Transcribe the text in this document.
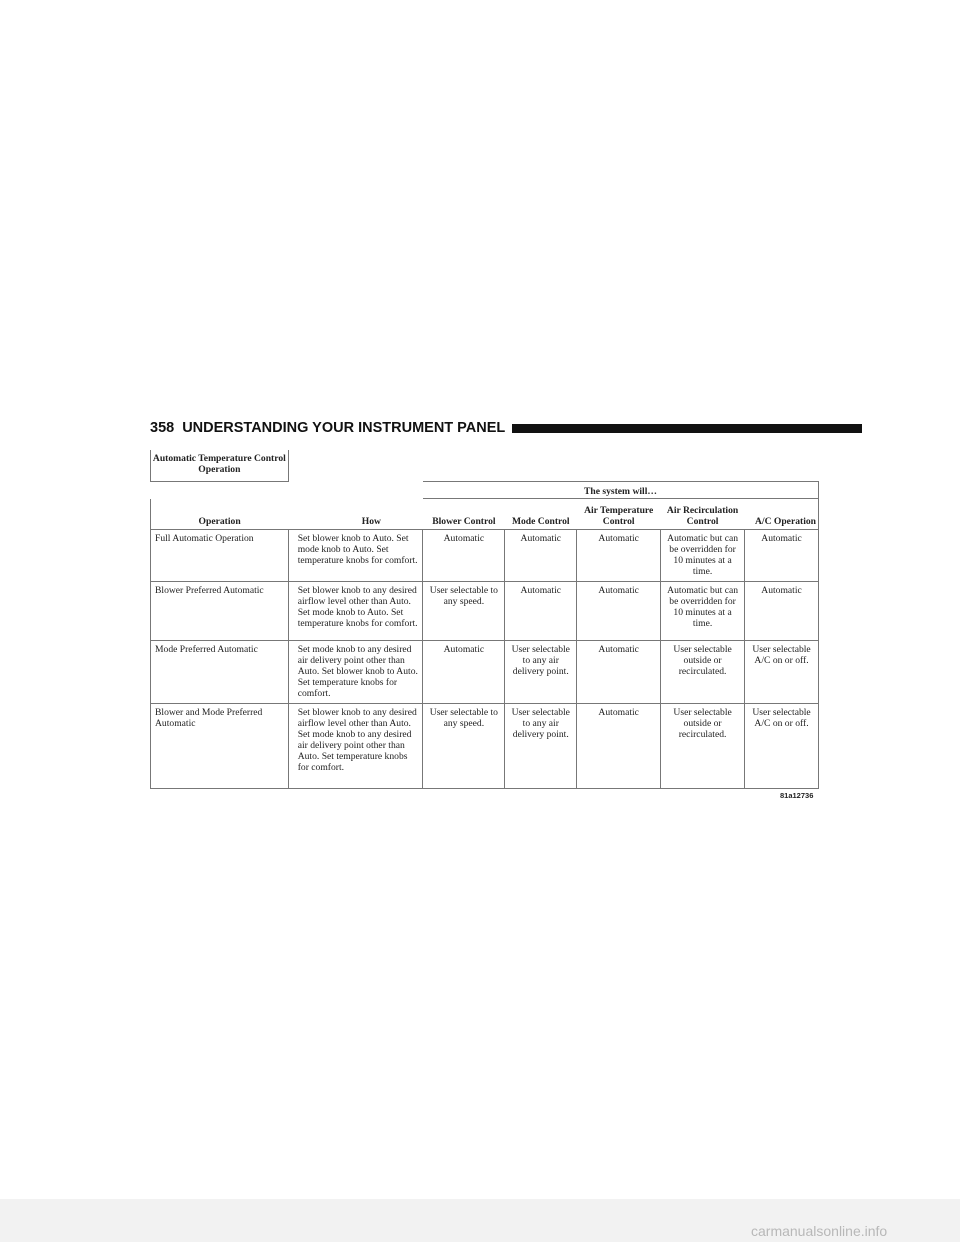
358 UNDERSTANDING YOUR INSTRUMENT PANEL
Automatic Temperature Control Operation						
		The system will…				
Operation	How	Blower Control	Mode Control	Air Temperature Control	Air Recirculation Control	A/C Operation
Full Automatic Operation	Set blower knob to Auto. Set mode knob to Auto. Set temperature knobs for comfort.	Automatic	Automatic	Automatic	Automatic but can be overridden for 10 minutes at a time.	Automatic
Blower Preferred Automatic	Set blower knob to any desired airflow level other than Auto. Set mode knob to Auto. Set temperature knobs for comfort.	User selectable to any speed.	Automatic	Automatic	Automatic but can be overridden for 10 minutes at a time.	Automatic
Mode Preferred Automatic	Set mode knob to any desired air delivery point other than Auto. Set blower knob to Auto. Set temperature knobs for comfort.	Automatic	User selectable to any air delivery point.	Automatic	User selectable outside or recirculated.	User selectable A/C on or off.
Blower and Mode Preferred Automatic	Set blower knob to any desired airflow level other than Auto. Set mode knob to any desired air delivery point other than Auto. Set temperature knobs for comfort.	User selectable to any speed.	User selectable to any air delivery point.	Automatic	User selectable outside or recirculated.	User selectable A/C on or off.
81a12736
carmanualsonline.info
